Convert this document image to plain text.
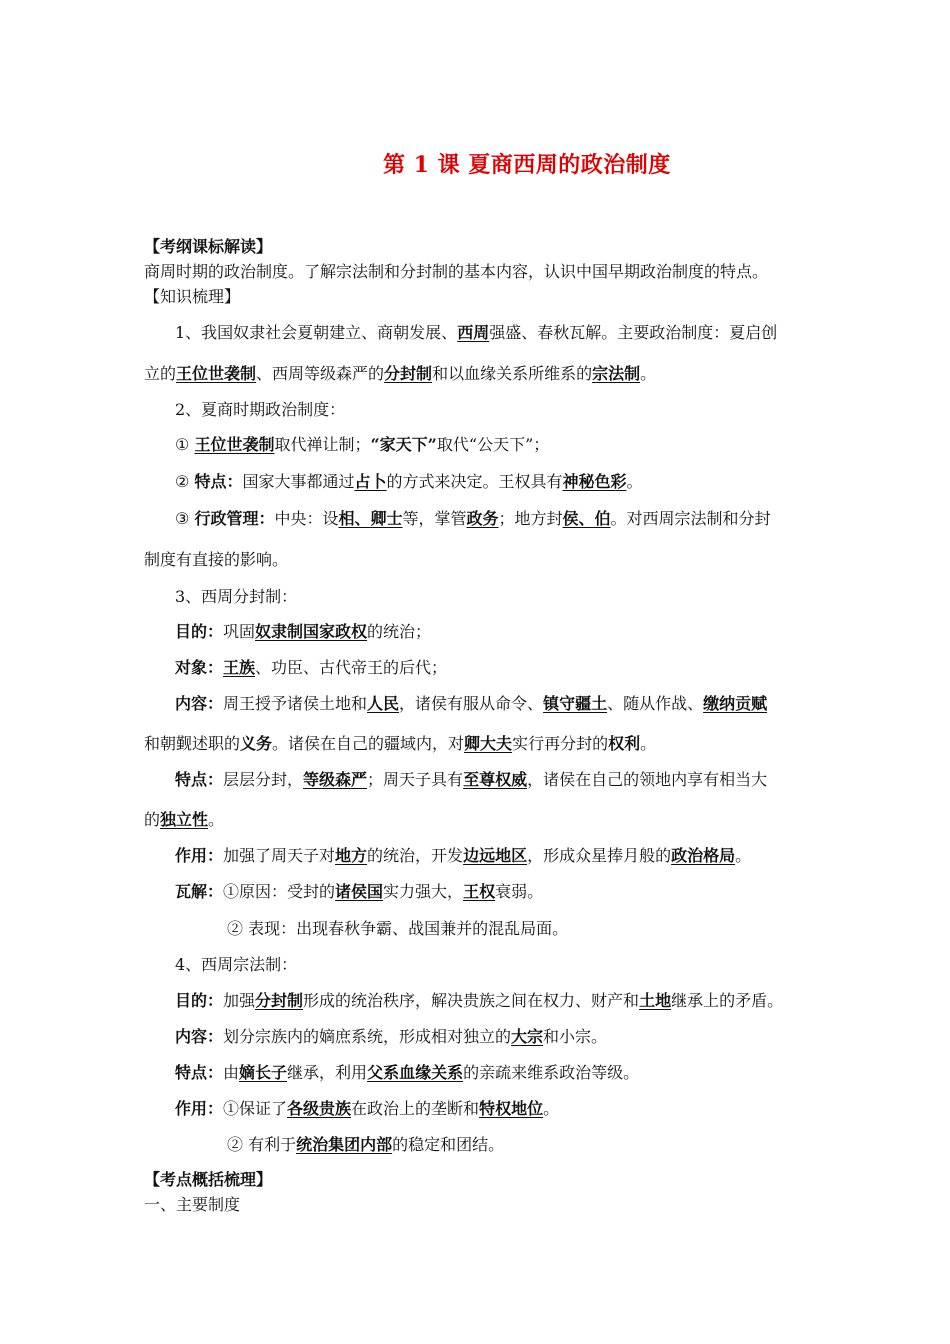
第 1 课 夏商西周的政治制度
【考纲课标解读】
商周时期的政治制度。了解宗法制和分封制的基本内容，认识中国早期政治制度的特点。
【知识梳理】
1、我国奴隶社会夏朝建立、商朝发展、西周强盛、春秋瓦解。主要政治制度：夏启创
立的王位世袭制、西周等级森严的分封制和以血缘关系所维系的宗法制。
2、夏商时期政治制度：
① 王位世袭制取代禅让制；“家天下”取代“公天下”；
② 特点：国家大事都通过占卜的方式来决定。王权具有神秘色彩。
③ 行政管理：中央：设相、卿士等，掌管政务；地方封侯、伯。对西周宗法制和分封
制度有直接的影响。
3、西周分封制：
目的：巩固奴隶制国家政权的统治；
对象：王族、功臣、古代帝王的后代；
内容：周王授予诸侯土地和人民，诸侯有服从命令、镇守疆土、随从作战、缴纳贡赋
和朝觐述职的义务。诸侯在自己的疆域内，对卿大夫实行再分封的权利。
特点：层层分封，等级森严；周天子具有至尊权威，诸侯在自己的领地内享有相当大
的独立性。
作用：加强了周天子对地方的统治，开发边远地区，形成众星捧月般的政治格局。
瓦解：①原因：受封的诸侯国实力强大，王权衰弱。
② 表现：出现春秋争霸、战国兼并的混乱局面。
4、西周宗法制：
目的：加强分封制形成的统治秩序，解决贵族之间在权力、财产和土地继承上的矛盾。
内容：划分宗族内的嫡庶系统，形成相对独立的大宗和小宗。
特点：由嫡长子继承，利用父系血缘关系的亲疏来维系政治等级。
作用：①保证了各级贵族在政治上的垄断和特权地位。
② 有利于统治集团内部的稳定和团结。
【考点概括梳理】
一、主要制度
